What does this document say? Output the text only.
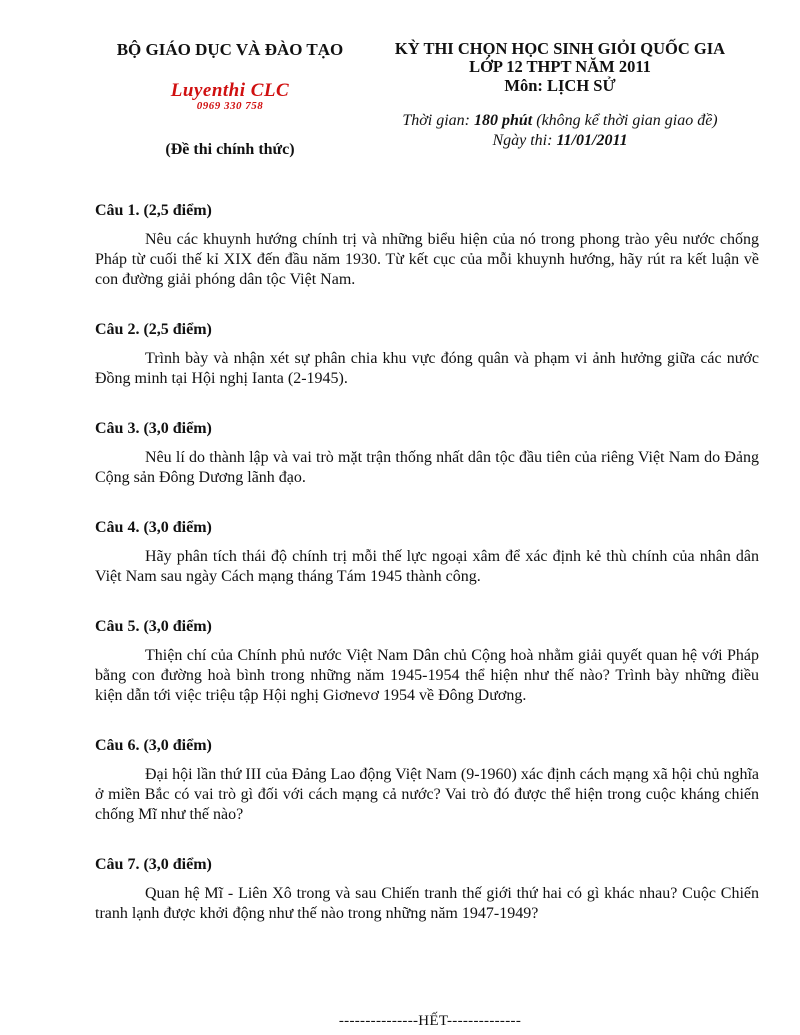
BỘ GIÁO DỤC VÀ ĐÀO TẠO
Luyenthi CLC
0969 330 758
(Đề thi chính thức)
KỲ THI CHỌN HỌC SINH GIỎI QUỐC GIA
LỚP 12 THPT NĂM 2011
Môn: LỊCH SỬ
Thời gian: 180 phút (không kể thời gian giao đề)
Ngày thi: 11/01/2011
Câu 1. (2,5 điểm)
Nêu các khuynh hướng chính trị và những biểu hiện của nó trong phong trào yêu nước chống Pháp từ cuối thế kỉ XIX đến đầu năm 1930. Từ kết cục của mỗi khuynh hướng, hãy rút ra kết luận về con đường giải phóng dân tộc Việt Nam.
Câu 2. (2,5 điểm)
Trình bày và nhận xét sự phân chia khu vực đóng quân và phạm vi ảnh hưởng giữa các nước Đồng minh tại Hội nghị Ianta (2-1945).
Câu 3. (3,0 điểm)
Nêu lí do thành lập và vai trò mặt trận thống nhất dân tộc đầu tiên của riêng Việt Nam do Đảng Cộng sản Đông Dương lãnh đạo.
Câu 4. (3,0 điểm)
Hãy phân tích thái độ chính trị mỗi thế lực ngoại xâm để xác định kẻ thù chính của nhân dân Việt Nam sau ngày Cách mạng tháng Tám 1945 thành công.
Câu 5. (3,0 điểm)
Thiện chí của Chính phủ nước Việt Nam Dân chủ Cộng hoà nhằm giải quyết quan hệ với Pháp bằng con đường hoà bình trong những năm 1945-1954 thể hiện như thế nào? Trình bày những điều kiện dẫn tới việc triệu tập Hội nghị Giơnevơ 1954 về Đông Dương.
Câu 6. (3,0 điểm)
Đại hội lần thứ III của Đảng Lao động Việt Nam (9-1960) xác định cách mạng xã hội chủ nghĩa ở miền Bắc có vai trò gì đối với cách mạng cả nước? Vai trò đó được thể hiện trong cuộc kháng chiến chống Mĩ như thế nào?
Câu 7. (3,0 điểm)
Quan hệ Mĩ - Liên Xô trong và sau Chiến tranh thế giới thứ hai có gì khác nhau? Cuộc Chiến tranh lạnh được khởi động như thế nào trong những năm 1947-1949?
---------------HẾT--------------
